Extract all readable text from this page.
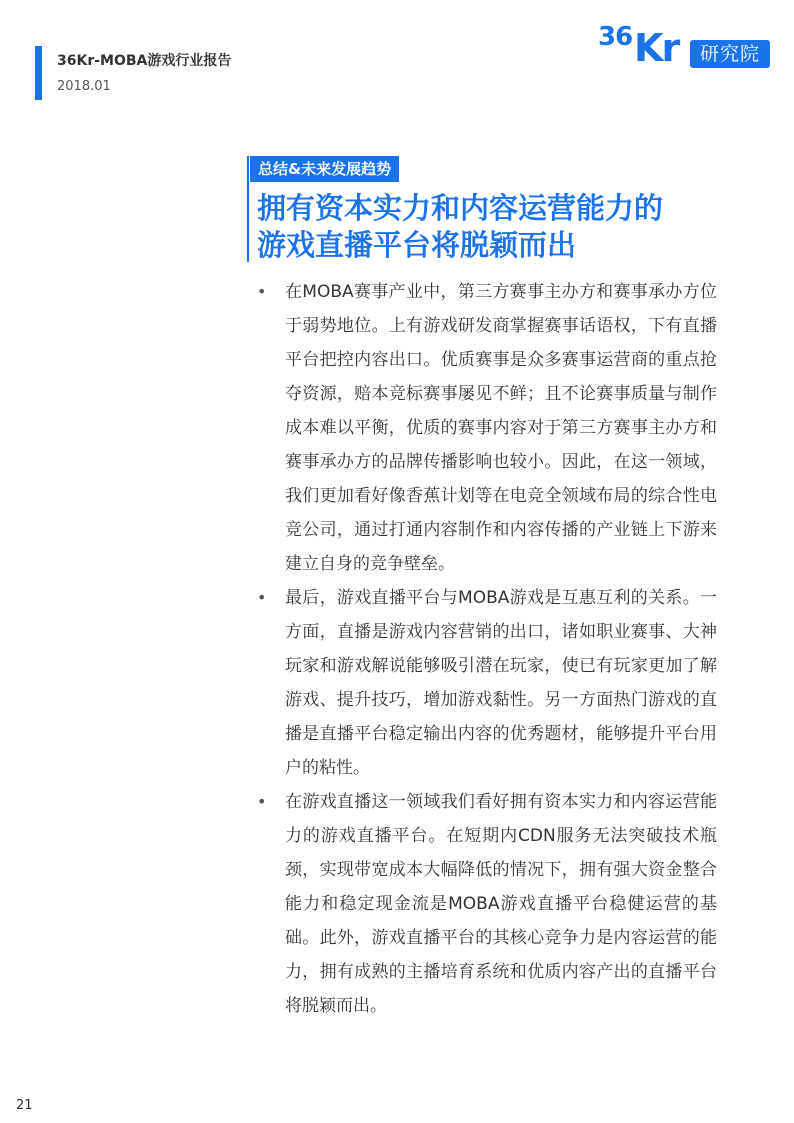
36Kr-MOBA游戏行业报告
2018.01
36 Kr	研究院
总结&未来发展趋势
拥有资本实力和内容运营能力的
游戏直播平台将脱颖而出
• 在MOBA赛事产业中，第三方赛事主办方和赛事承办方位于弱势地位。上有游戏研发商掌握赛事话语权，下有直播平台把控内容出口。优质赛事是众多赛事运营商的重点抢夺资源，赔本竞标赛事屡见不鲜；且不论赛事质量与制作成本难以平衡，优质的赛事内容对于第三方赛事主办方和赛事承办方的品牌传播影响也较小。因此，在这一领域，我们更加看好像香蕉计划等在电竞全领域布局的综合性电竞公司，通过打通内容制作和内容传播的产业链上下游来建立自身的竞争壁垒。
• 最后，游戏直播平台与MOBA游戏是互惠互利的关系。一方面，直播是游戏内容营销的出口，诸如职业赛事、大神玩家和游戏解说能够吸引潜在玩家，使已有玩家更加了解游戏、提升技巧，增加游戏黏性。另一方面热门游戏的直播是直播平台稳定输出内容的优秀题材，能够提升平台用户的粘性。
• 在游戏直播这一领域我们看好拥有资本实力和内容运营能力的游戏直播平台。在短期内CDN服务无法突破技术瓶颈，实现带宽成本大幅降低的情况下，拥有强大资金整合能力和稳定现金流是MOBA游戏直播平台稳健运营的基础。此外，游戏直播平台的其核心竞争力是内容运营的能力，拥有成熟的主播培育系统和优质内容产出的直播平台将脱颖而出。
21
